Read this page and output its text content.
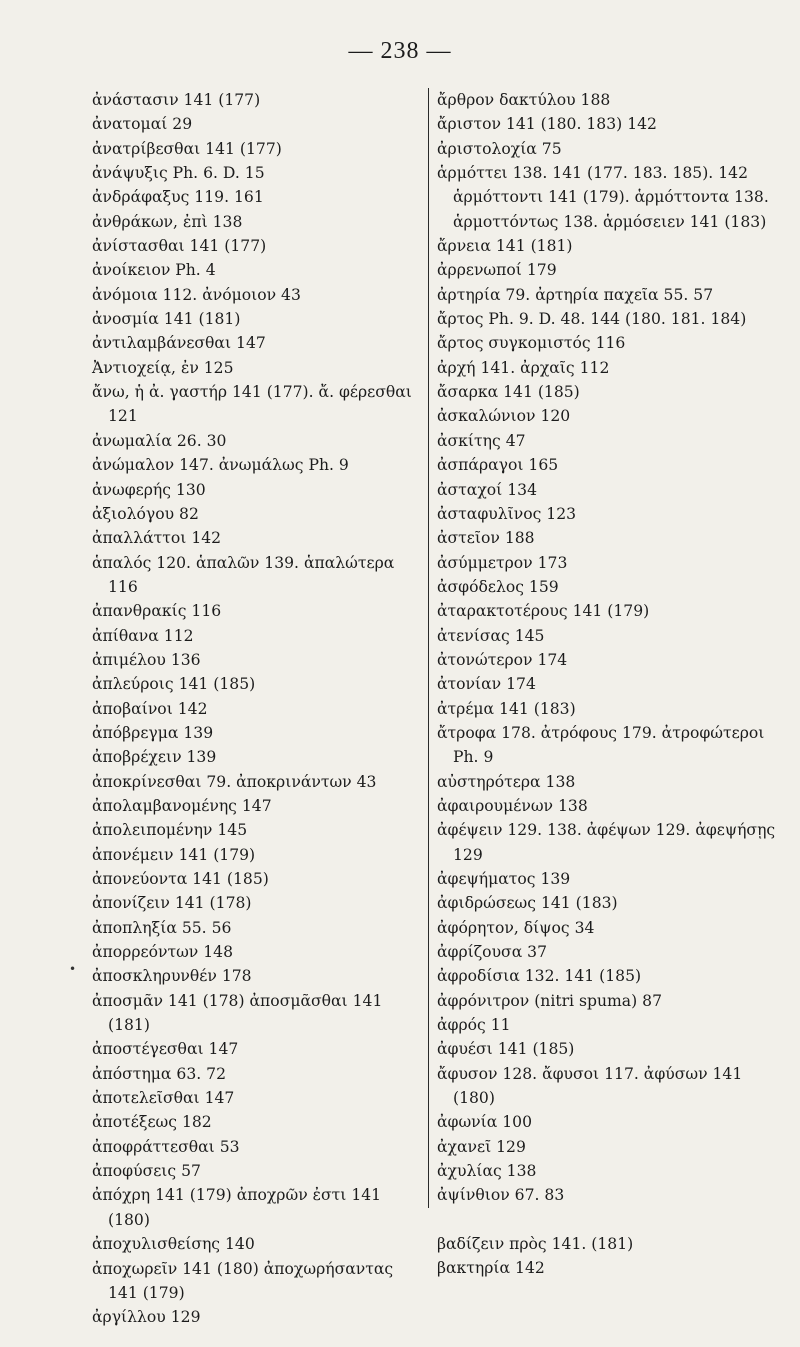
— 238 —
ἀνάστασιν 141 (177)
ἀνατομαί 29
ἀνατρίβεσθαι 141 (177)
ἀνάψυξις Ph. 6. D. 15
ἀνδράφαξυς 119. 161
ἀνθράκων, ἐπὶ 138
ἀνίστασθαι 141 (177)
ἀνοίκειον Ph. 4
ἀνόμοια 112. ἀνόμοιον 43
ἀνοσμία 141 (181)
ἀντιλαμβάνεσθαι 147
Ἀντιοχείᾳ, ἐν 125
ἄνω, ἡ ἀ. γαστήρ 141 (177). ἄ. φέρεσθαι 121
ἀνωμαλία 26. 30
ἀνώμαλον 147. ἀνωμάλως Ph. 9
ἀνωφερής 130
ἀξιολόγου 82
ἀπαλλάττοι 142
ἁπαλός 120. ἁπαλῶν 139. ἁπαλώτερα 116
ἀπανθρακίς 116
ἀπίθανα 112
ἀπιμέλου 136
ἀπλεύροις 141 (185)
ἀποβαίνοι 142
ἀπόβρεγμα 139
ἀποβρέχειν 139
ἀποκρίνεσθαι 79. ἀποκρινάντων 43
ἀπολαμβανομένης 147
ἀπολειπομένην 145
ἀπονέμειν 141 (179)
ἀπονεύοντα 141 (185)
ἀπονίζειν 141 (178)
ἀποπληξία 55. 56
ἀπορρεόντων 148
ἀποσκληρυνθέν 178
ἀποσμᾶν 141 (178) ἀποσμᾶσθαι 141 (181)
ἀποστέγεσθαι 147
ἀπόστημα 63. 72
ἀποτελεῖσθαι 147
ἀποτέξεως 182
ἀποφράττεσθαι 53
ἀποφύσεις 57
ἀπόχρη 141 (179) ἀποχρῶν ἐστι 141 (180)
ἀποχυλισθείσης 140
ἀποχωρεῖν 141 (180) ἀποχωρήσαντας 141 (179)
ἀργίλλου 129
ἄρθρον δακτύλου 188
ἄριστον 141 (180. 183) 142
ἀριστολοχία 75
ἁρμόττει 138. 141 (177. 183. 185). 142 ἁρμόττοντι 141 (179). ἁρμόττοντα 138. ἁρμοττόντως 138. ἁρμόσειεν 141 (183)
ἄρνεια 141 (181)
ἀρρενωποί 179
ἀρτηρία 79. ἀρτηρία παχεῖα 55. 57
ἄρτος Ph. 9. D. 48. 144 (180. 181. 184)
ἄρτος συγκομιστός 116
ἀρχή 141. ἀρχαῖς 112
ἄσαρκα 141 (185)
ἀσκαλώνιον 120
ἀσκίτης 47
ἀσπάραγοι 165
ἀσταχοί 134
ἀσταφυλῖνος 123
ἀστεῖον 188
ἀσύμμετρον 173
ἀσφόδελος 159
ἀταρακτοτέρους 141 (179)
ἀτενίσας 145
ἀτονώτερον 174
ἀτονίαν 174
ἀτρέμα 141 (183)
ἄτροφα 178. ἀτρόφους 179. ἀτροφώτεροι Ph. 9
αὐστηρότερα 138
ἀφαιρουμένων 138
ἀφέψειν 129. 138. ἀφέψων 129. ἀφεψήσῃς 129
ἀφεψήματος 139
ἀφιδρώσεως 141 (183)
ἀφόρητον, δίψος 34
ἀφρίζουσα 37
ἀφροδίσια 132. 141 (185)
ἀφρόνιτρον (nitri spuma) 87
ἀφρός 11
ἀφυέσι 141 (185)
ἄφυσον 128. ἄφυσοι 117. ἀφύσων 141 (180)
ἀφωνία 100
ἀχανεῖ 129
ἀχυλίας 138
ἀψίνθιον 67. 83
βαδίζειν πρὸς 141. (181)
βακτηρία 142
•
